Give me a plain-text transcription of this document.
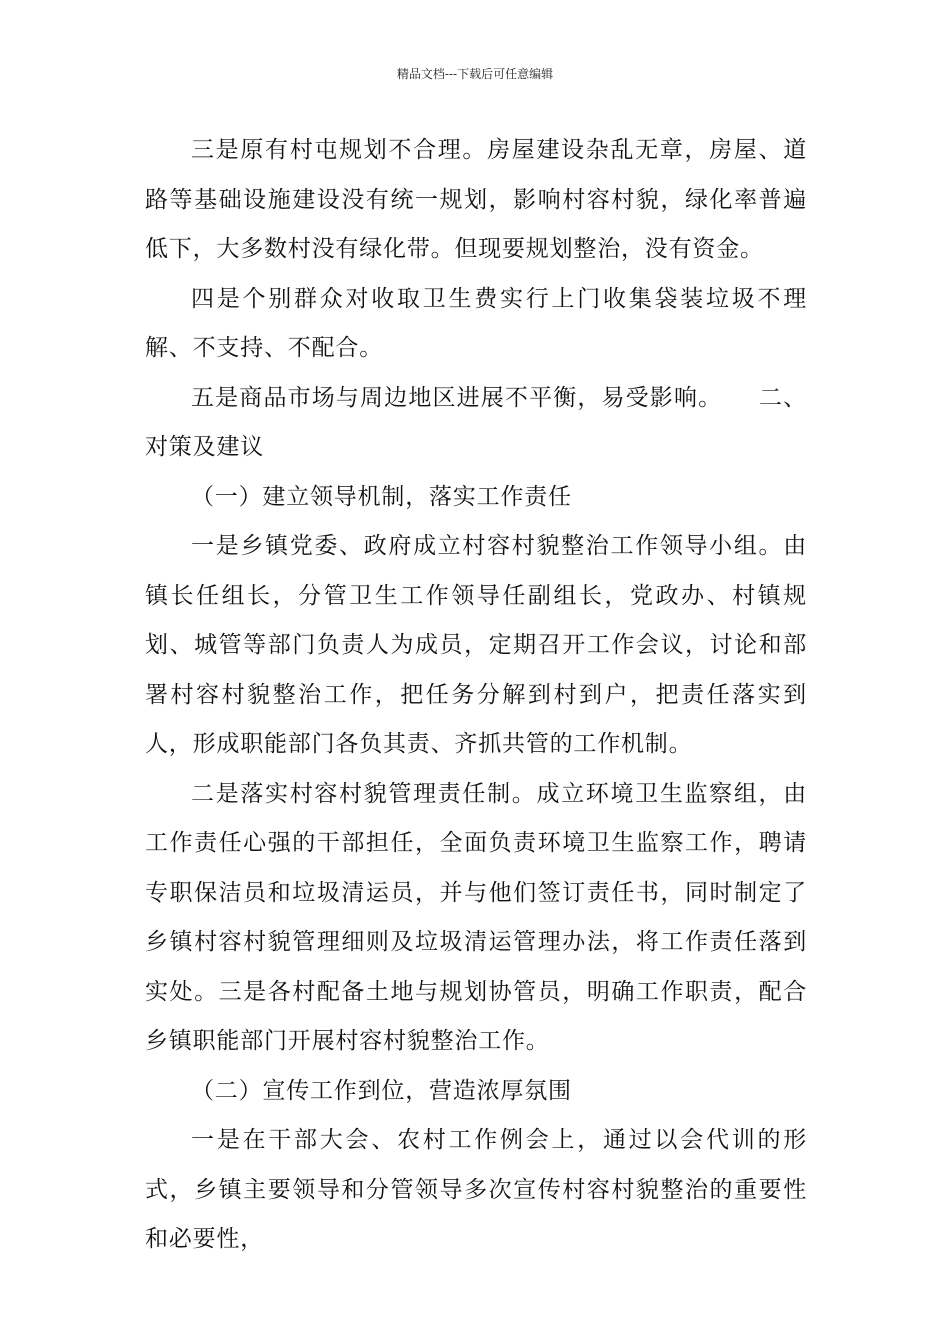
精品文档---下载后可任意编辑

三是原有村屯规划不合理。房屋建设杂乱无章，房屋、道路等基础设施建设没有统一规划，影响村容村貌，绿化率普遍低下，大多数村没有绿化带。但现要规划整治，没有资金。

四是个别群众对收取卫生费实行上门收集袋装垃圾不理解、不支持、不配合。

五是商品市场与周边地区进展不平衡，易受影响。　　二、对策及建议

（一）建立领导机制，落实工作责任

一是乡镇党委、政府成立村容村貌整治工作领导小组。由镇长任组长，分管卫生工作领导任副组长，党政办、村镇规划、城管等部门负责人为成员，定期召开工作会议，讨论和部署村容村貌整治工作，把任务分解到村到户，把责任落实到人，形成职能部门各负其责、齐抓共管的工作机制。

二是落实村容村貌管理责任制。成立环境卫生监察组，由工作责任心强的干部担任，全面负责环境卫生监察工作，聘请专职保洁员和垃圾清运员，并与他们签订责任书，同时制定了乡镇村容村貌管理细则及垃圾清运管理办法，将工作责任落到实处。三是各村配备土地与规划协管员，明确工作职责，配合乡镇职能部门开展村容村貌整治工作。

（二）宣传工作到位，营造浓厚氛围

一是在干部大会、农村工作例会上，通过以会代训的形式，乡镇主要领导和分管领导多次宣传村容村貌整治的重要性和必要性，
